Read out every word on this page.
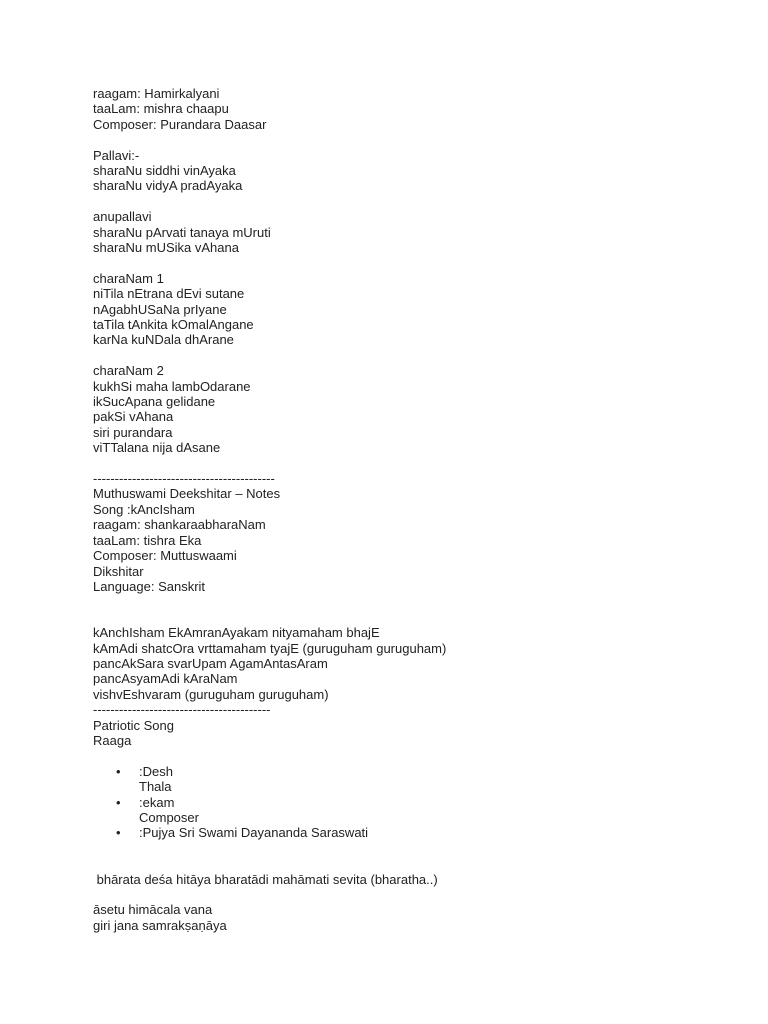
raagam: Hamirkalyani
taaLam: mishra chaapu
Composer: Purandara Daasar
Pallavi:-
sharaNu siddhi vinAyaka
sharaNu vidyA pradAyaka
anupallavi
sharaNu pArvati tanaya mUruti
sharaNu mUSika vAhana
charaNam 1
niTila nEtrana dEvi sutane
nAgabhUSaNa prIyane
taTila tAnkita kOmalAngane
karNa kuNDala dhArane
charaNam 2
kukhSi maha lambOdarane
ikSucApana gelidane
pakSi vAhana
siri purandara
viTTalana nija dAsane
------------------------------------------
Muthuswami Deekshitar – Notes
Song :kAncIsham
raagam: shankaraabharaNam
taaLam: tishra Eka
Composer: Muttuswaami
Dikshitar
Language: Sanskrit
kAnchIsham EkAmranAyakam nityamaham bhajE
kAmAdi shatcOra vrttamaham tyajE (guruguham guruguham)
pancAkSara svarUpam AgamAntasAram
pancAsyamAdi kAraNam
vishvEshvaram (guruguham guruguham)
-----------------------------------------
Patriotic Song
Raaga
• :Desh
Thala
• :ekam
Composer
• :Pujya Sri Swami Dayananda Saraswati
bhārata deśa hitāya bharatādi mahāmati sevita (bharatha..)
āsetu himācala vana
giri jana samrakṣaṇāya
